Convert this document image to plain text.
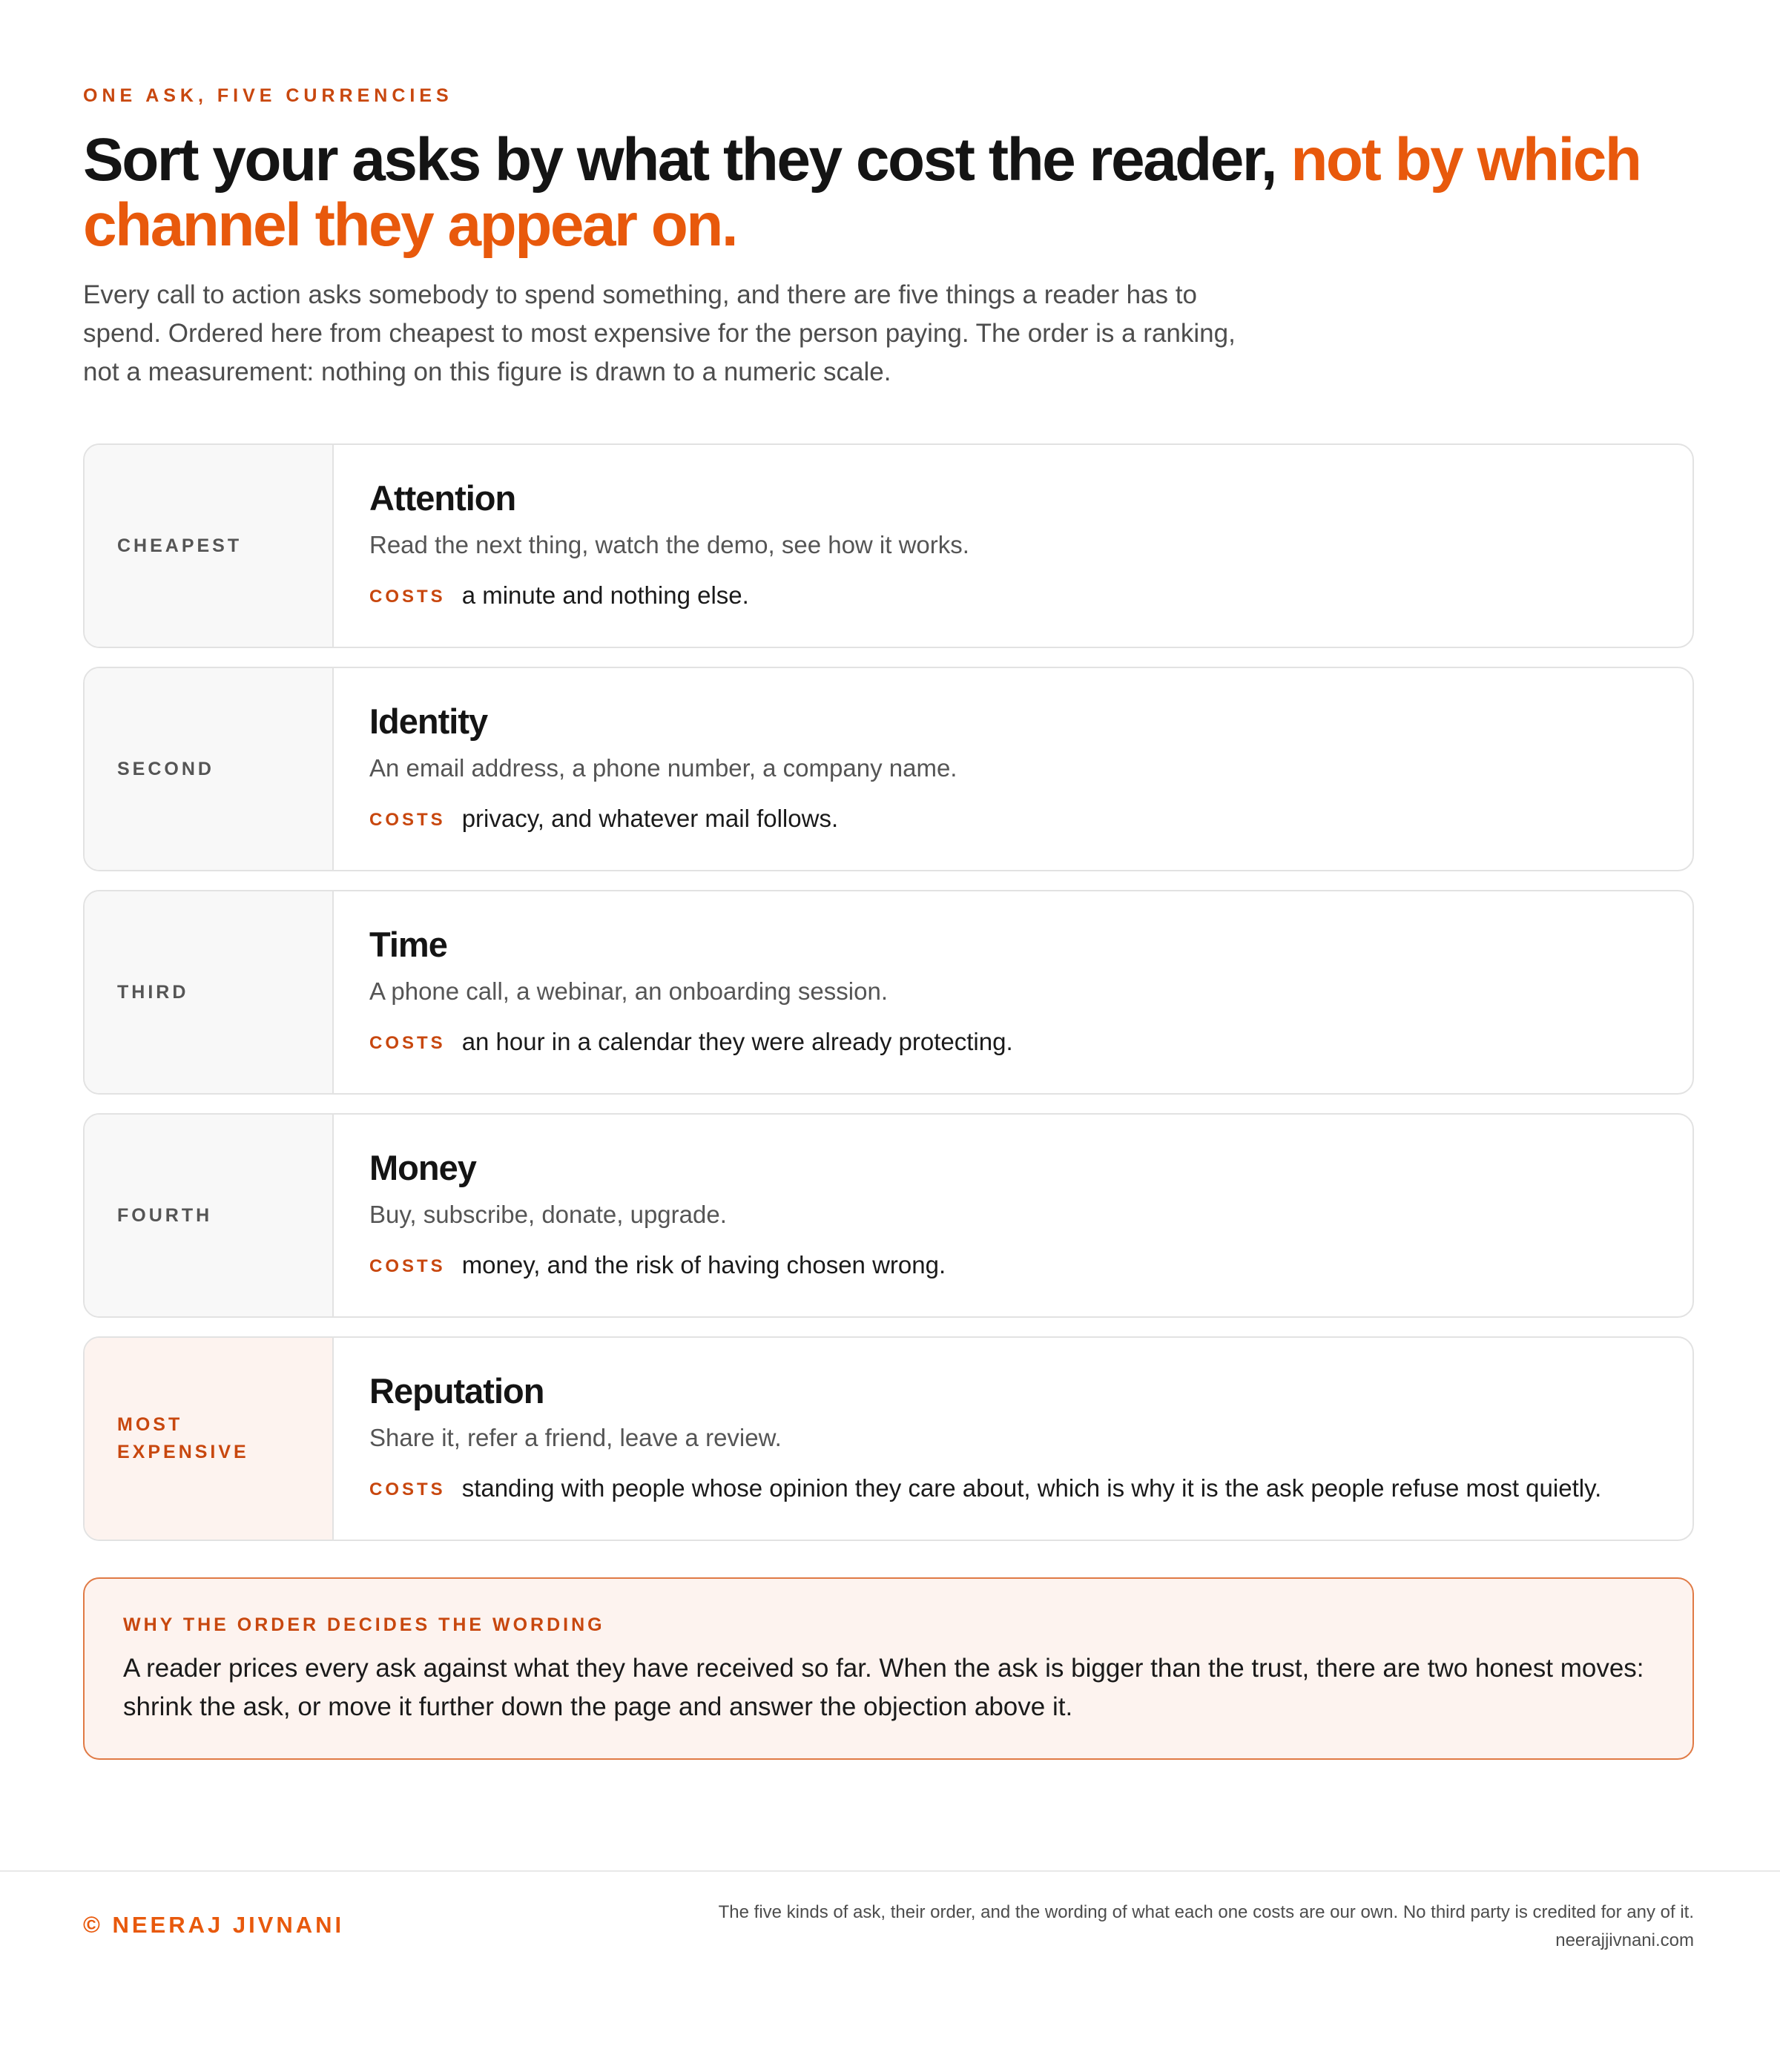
ONE ASK, FIVE CURRENCIES
Sort your asks by what they cost the reader, not by which channel they appear on.

Every call to action asks somebody to spend something, and there are five things a reader has to spend. Ordered here from cheapest to most expensive for the person paying. The order is a ranking, not a measurement: nothing on this figure is drawn to a numeric scale.

CHEAPEST
Attention
Read the next thing, watch the demo, see how it works.
COSTS a minute and nothing else.
SECOND
Identity
An email address, a phone number, a company name.
COSTS privacy, and whatever mail follows.
THIRD
Time
A phone call, a webinar, an onboarding session.
COSTS an hour in a calendar they were already protecting.
FOURTH
Money
Buy, subscribe, donate, upgrade.
COSTS money, and the risk of having chosen wrong.
MOST EXPENSIVE
Reputation
Share it, refer a friend, leave a review.
COSTS standing with people whose opinion they care about, which is why it is the ask people refuse most quietly.
WHY THE ORDER DECIDES THE WORDING

A reader prices every ask against what they have received so far. When the ask is bigger than the trust, there are two honest moves: shrink the ask, or move it further down the page and answer the objection above it.

© NEERAJ JIVNANI	The five kinds of ask, their order, and the wording of what each one costs are our own. No third party is credited for any of it.
neerajjivnani.com
